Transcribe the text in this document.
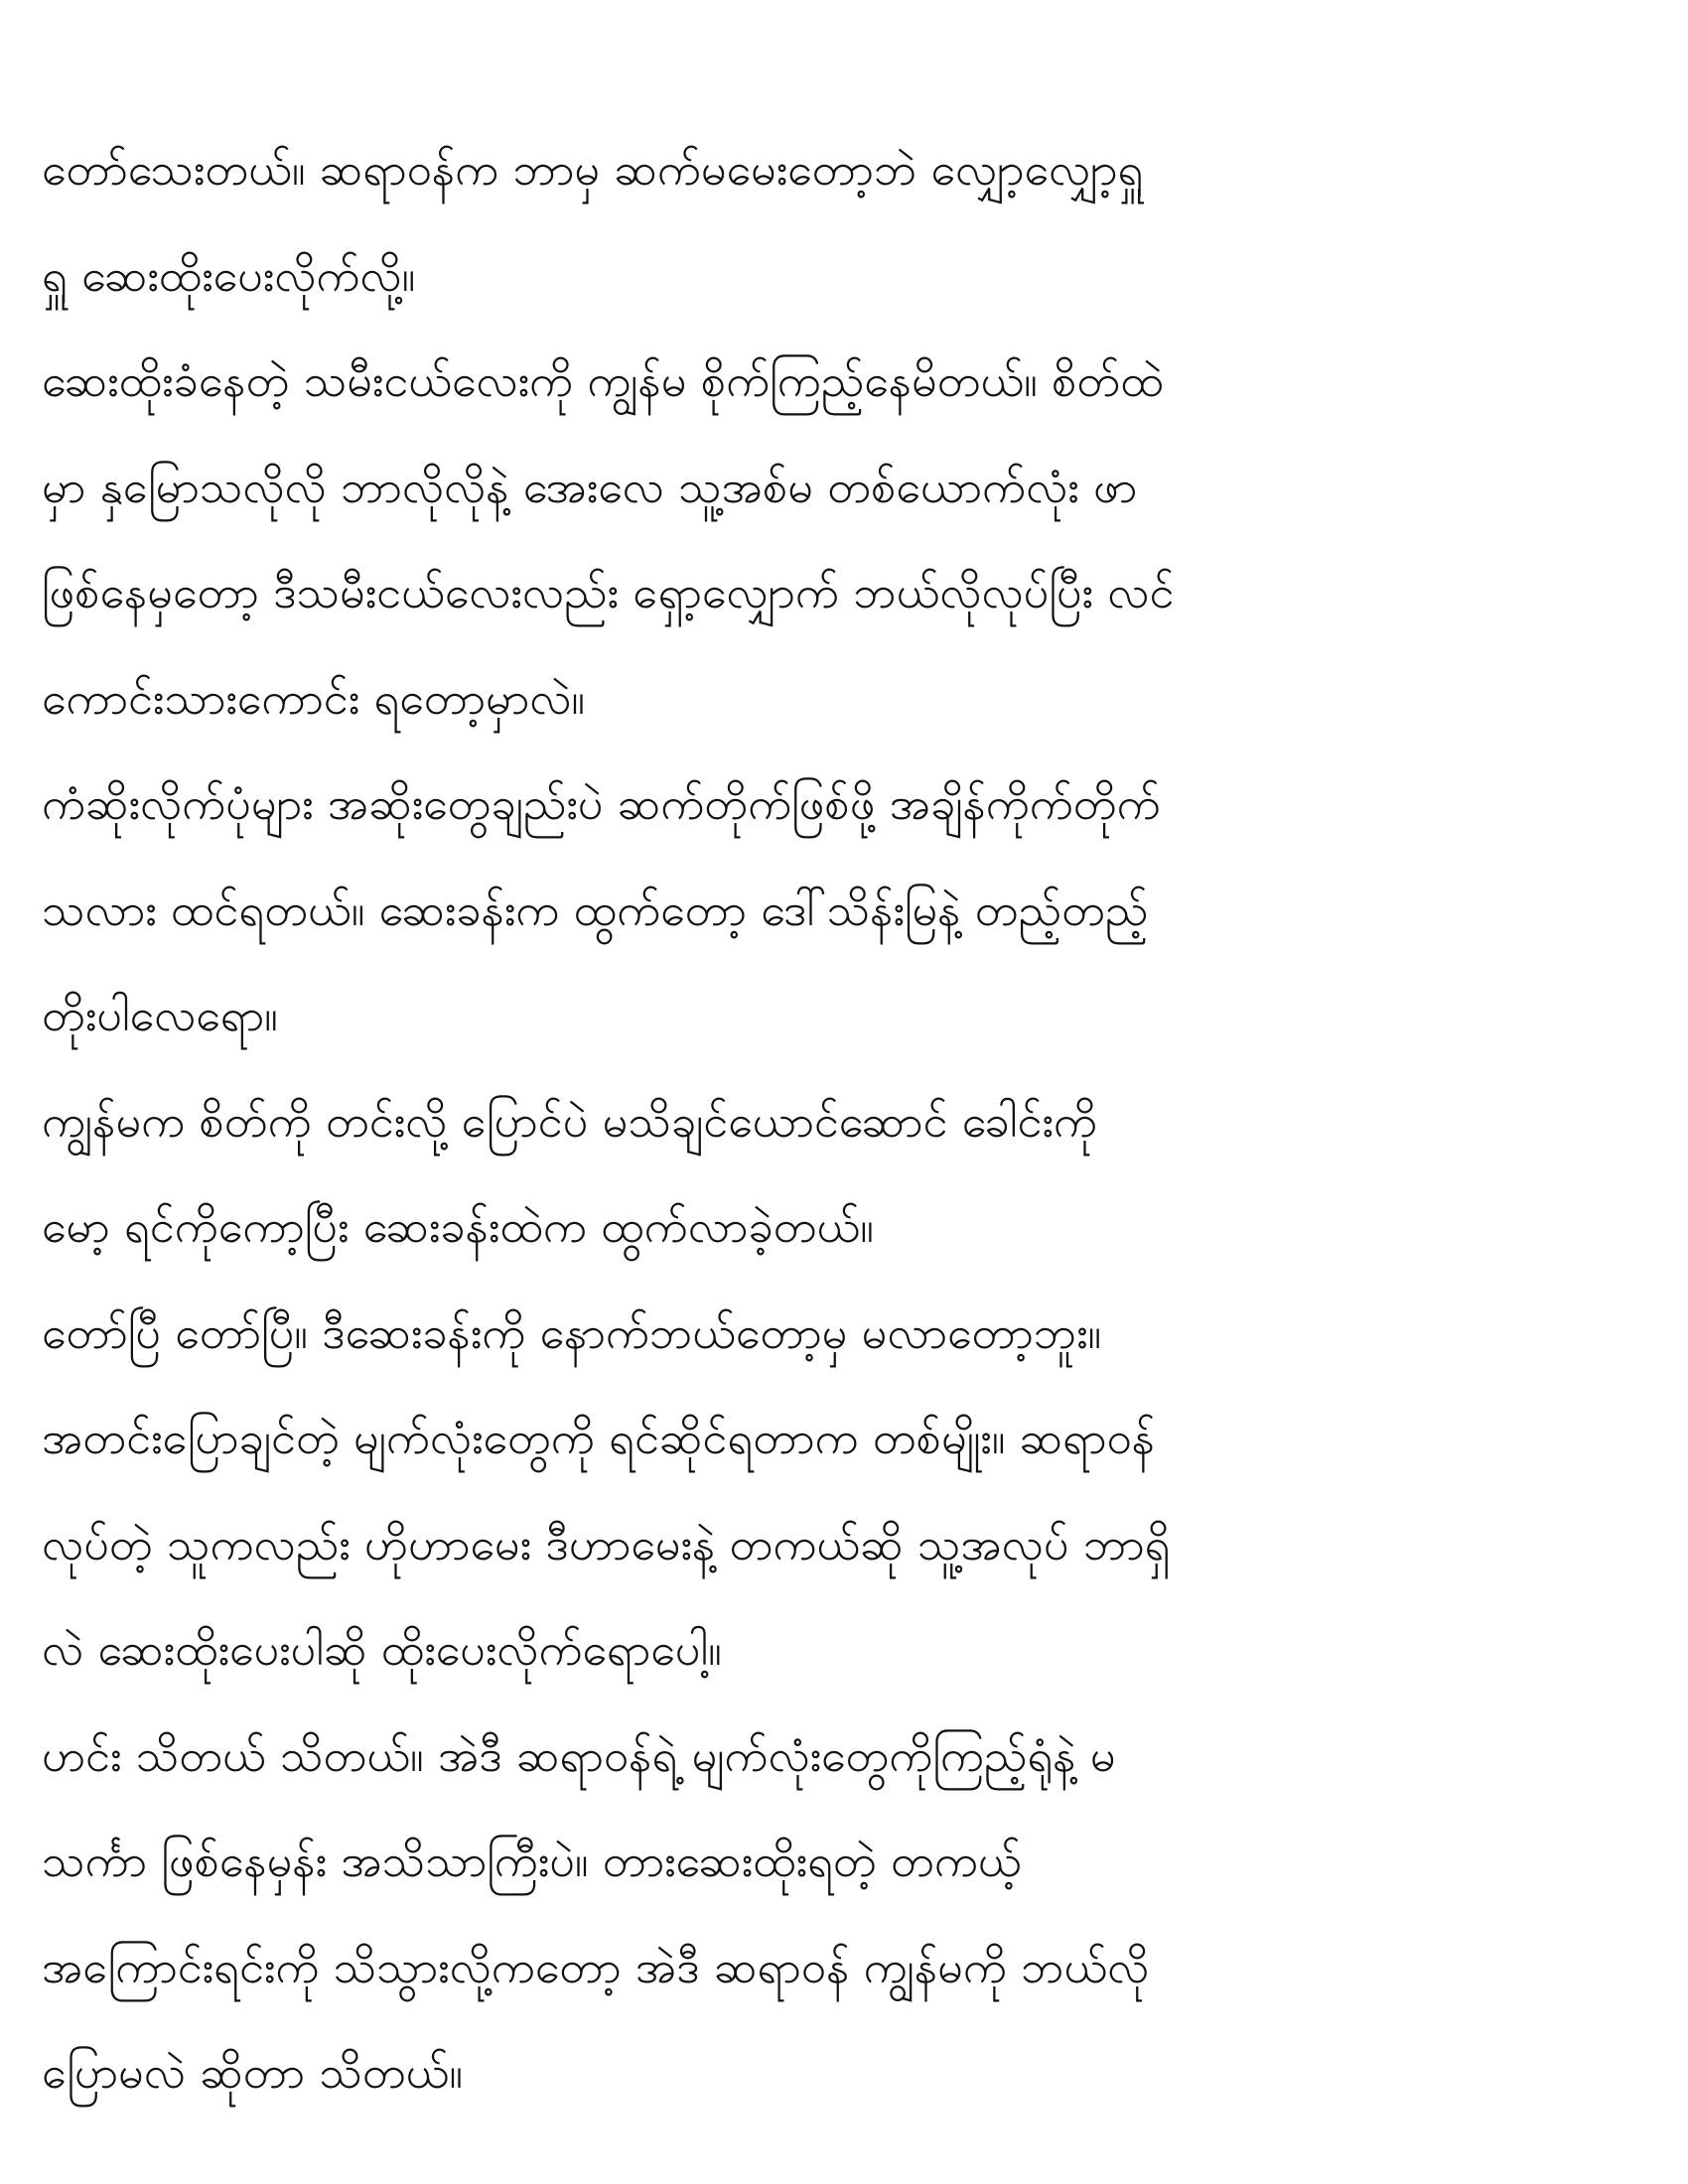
တော်သေးတယ်။ ဆရာဝန်က ဘာမှ ဆက်မမေးတော့ဘဲ လျှော့လျှော့ရှူ
ရှူ ဆေးထိုးပေးလိုက်လို့။
ဆေးထိုးခံနေတဲ့ သမီးငယ်လေးကို ကျွန်မ စိုက်ကြည့်နေမိတယ်။ စိတ်ထဲ
မှာ နှမြောသလိုလို ဘာလိုလိုနဲ့ အေးလေ သူ့အစ်မ တစ်ယောက်လုံး ဖာ
ဖြစ်နေမှတော့ ဒီသမီးငယ်လေးလည်း ရှော့လျှောက် ဘယ်လိုလုပ်ပြီး လင်
ကောင်းသားကောင်း ရတော့မှာလဲ။
ကံဆိုးလိုက်ပုံများ အဆိုးတွေချည်းပဲ ဆက်တိုက်ဖြစ်ဖို့ အချိန်ကိုက်တိုက်
သလား ထင်ရတယ်။ ဆေးခန်းက ထွက်တော့ ဒေါ်သိန်းမြနဲ့ တည့်တည့်
တိုးပါလေရော။
ကျွန်မက စိတ်ကို တင်းလို့ ပြောင်ပဲ မသိချင်ယောင်ဆောင် ခေါင်းကို
မော့ ရင်ကိုကော့ပြီး ဆေးခန်းထဲက ထွက်လာခဲ့တယ်။
တော်ပြီ တော်ပြီ။ ဒီဆေးခန်းကို နောက်ဘယ်တော့မှ မလာတော့ဘူး။
အတင်းပြောချင်တဲ့ မျက်လုံးတွေကို ရင်ဆိုင်ရတာက တစ်မျိုး။ ဆရာဝန်
လုပ်တဲ့ သူကလည်း ဟိုဟာမေး ဒီဟာမေးနဲ့ တကယ်ဆို သူ့အလုပ် ဘာရှိ
လဲ ဆေးထိုးပေးပါဆို ထိုးပေးလိုက်ရောပေါ့။
ဟင်း သိတယ် သိတယ်။ အဲဒီ ဆရာဝန်ရဲ့ မျက်လုံးတွေကိုကြည့်ရုံနဲ့ မ
သင်္ကာ ဖြစ်နေမှန်း အသိသာကြီးပဲ။ တားဆေးထိုးရတဲ့ တကယ့်
အကြောင်းရင်းကို သိသွားလို့ကတော့ အဲဒီ ဆရာဝန် ကျွန်မကို ဘယ်လို
ပြောမလဲ ဆိုတာ သိတယ်။
